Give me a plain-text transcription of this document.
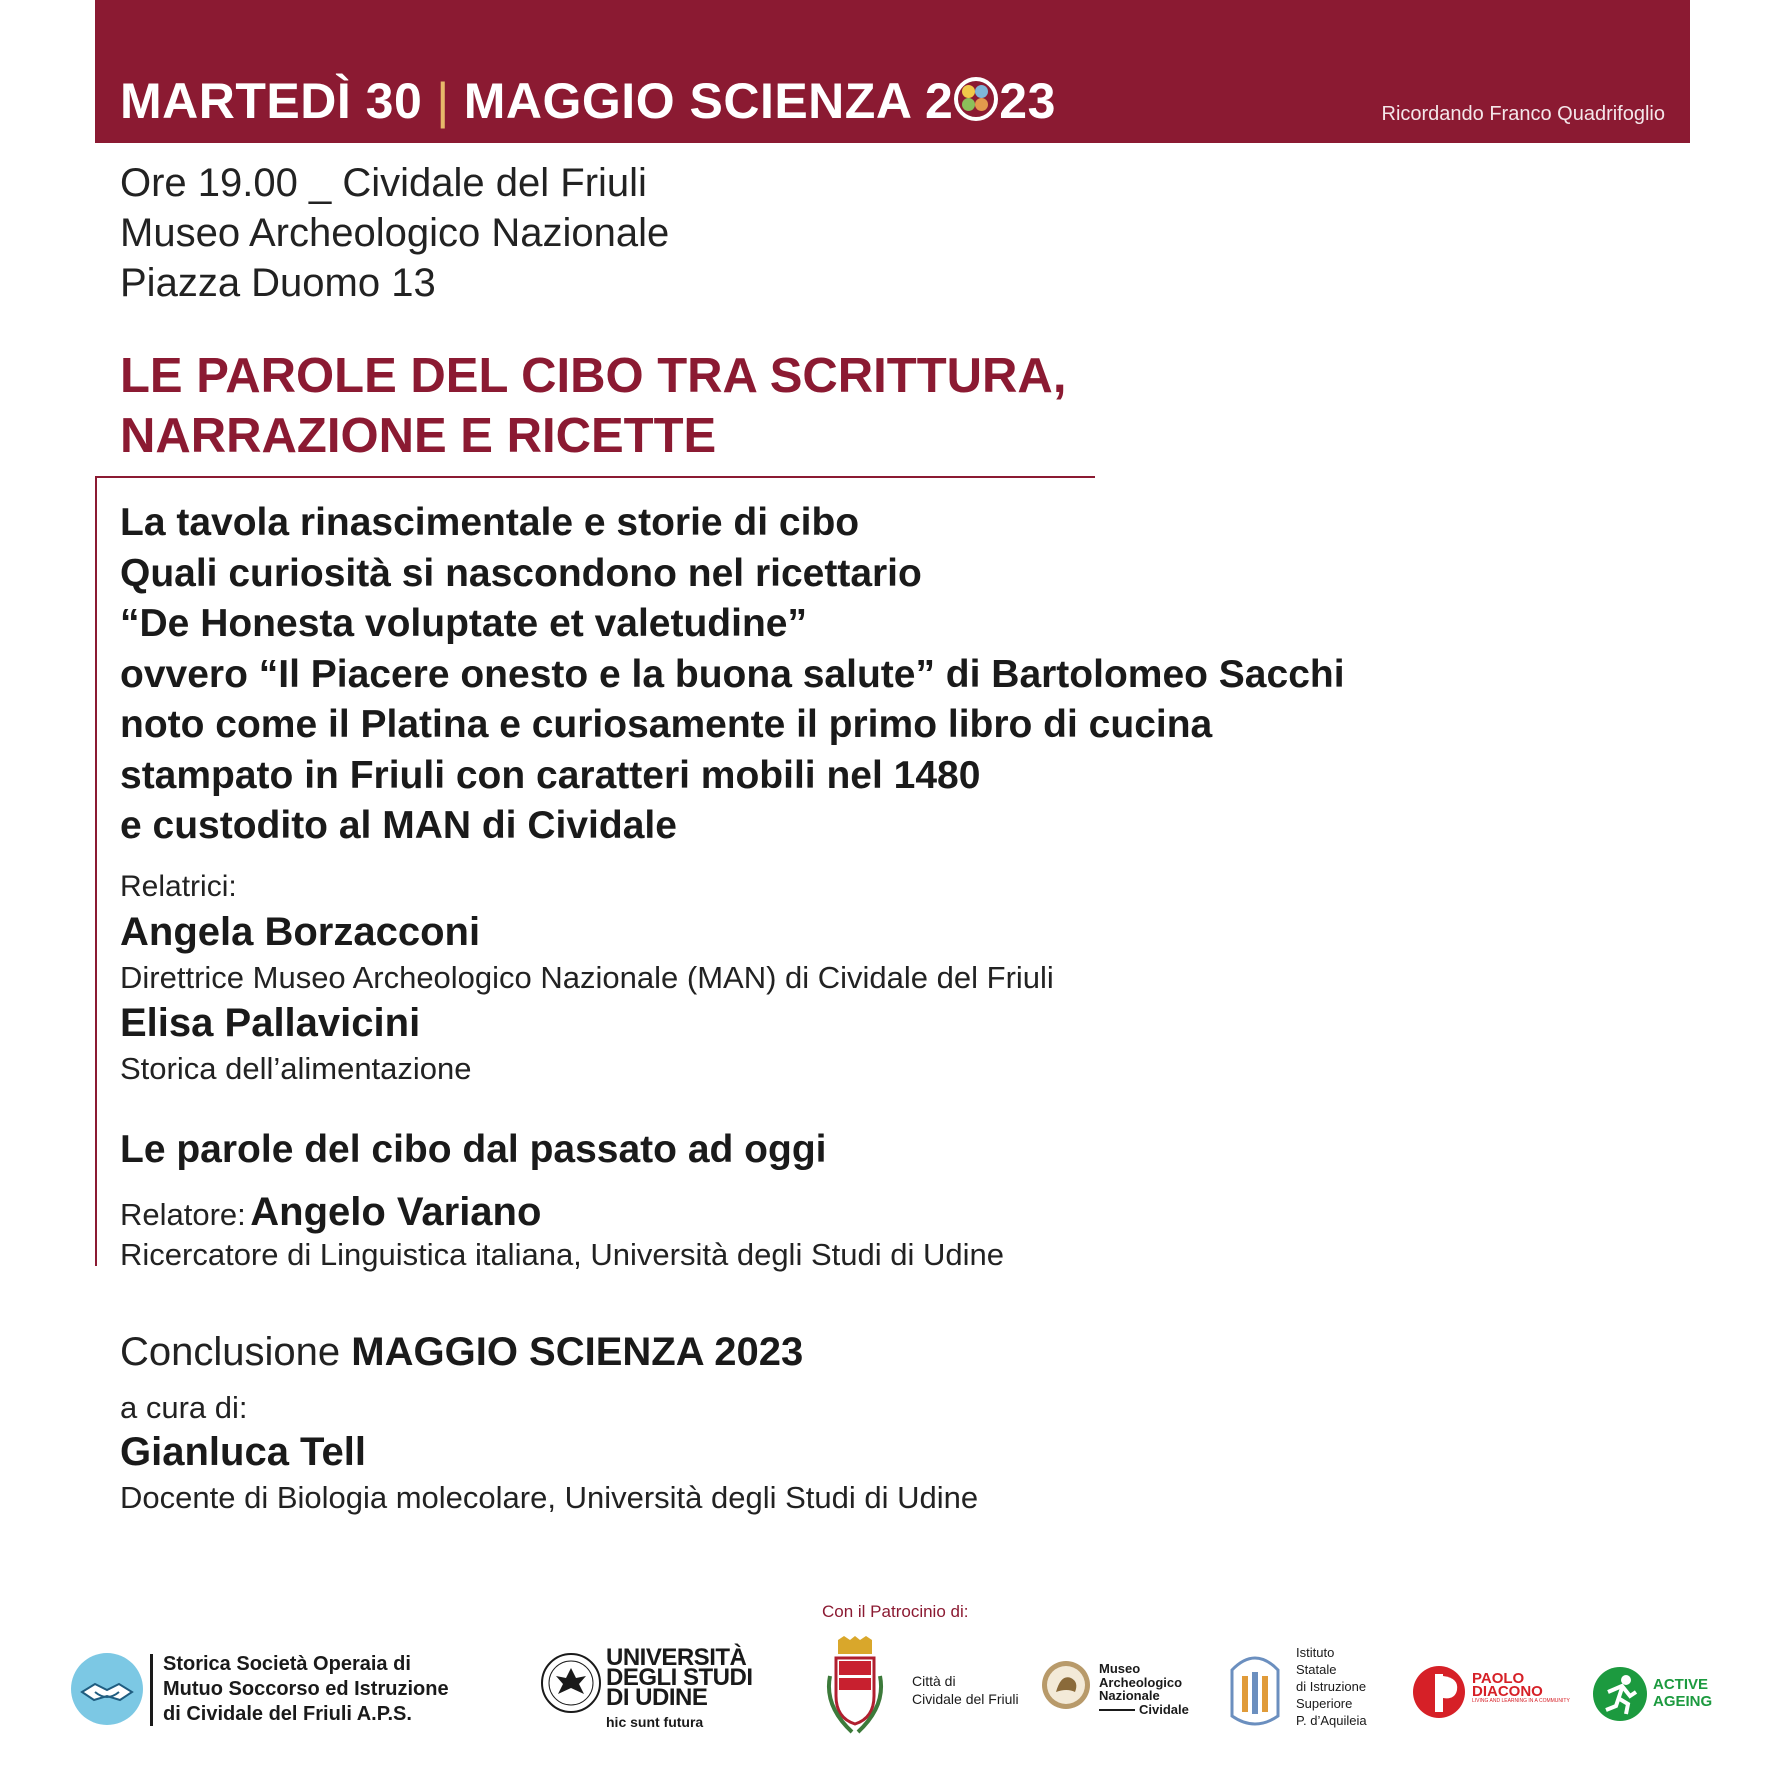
MARTEDÌ 30 | MAGGIO SCIENZA 2 23	Ricordando Franco Quadrifoglio
Ore 19.00 _ Cividale del Friuli
Museo Archeologico Nazionale
Piazza Duomo 13
LE PAROLE DEL CIBO TRA SCRITTURA,
NARRAZIONE E RICETTE
La tavola rinascimentale e storie di cibo
Quali curiosità si nascondono nel ricettario
“De Honesta voluptate et valetudine”
ovvero “Il Piacere onesto e la buona salute” di Bartolomeo Sacchi
noto come il Platina e curiosamente il primo libro di cucina
stampato in Friuli con caratteri mobili nel 1480
e custodito al MAN di Cividale
Relatrici:
Angela Borzacconi
Direttrice Museo Archeologico Nazionale (MAN) di Cividale del Friuli
Elisa Pallavicini
Storica dell’alimentazione
Le parole del cibo dal passato ad oggi
Relatore: Angelo Variano
Ricercatore di Linguistica italiana, Università degli Studi di Udine
Conclusione MAGGIO SCIENZA 2023
a cura di:
Gianluca Tell
Docente di Biologia molecolare, Università degli Studi di Udine
Con il Patrocinio di:
Storica Società Operaia di
Mutuo Soccorso ed Istruzione
di Cividale del Friuli A.P.S.
UNIVERSITÀ
DEGLI STUDI
DI UDINE
hic sunt futura
Città di
Cividale del Friuli
Museo
Archeologico
Nazionale
Cividale
Istituto
Statale
di Istruzione
Superiore
P. d’Aquileia
PAOLO
DIACONO
LIVING AND LEARNING IN A COMMUNITY
ACTIVE
AGEING
